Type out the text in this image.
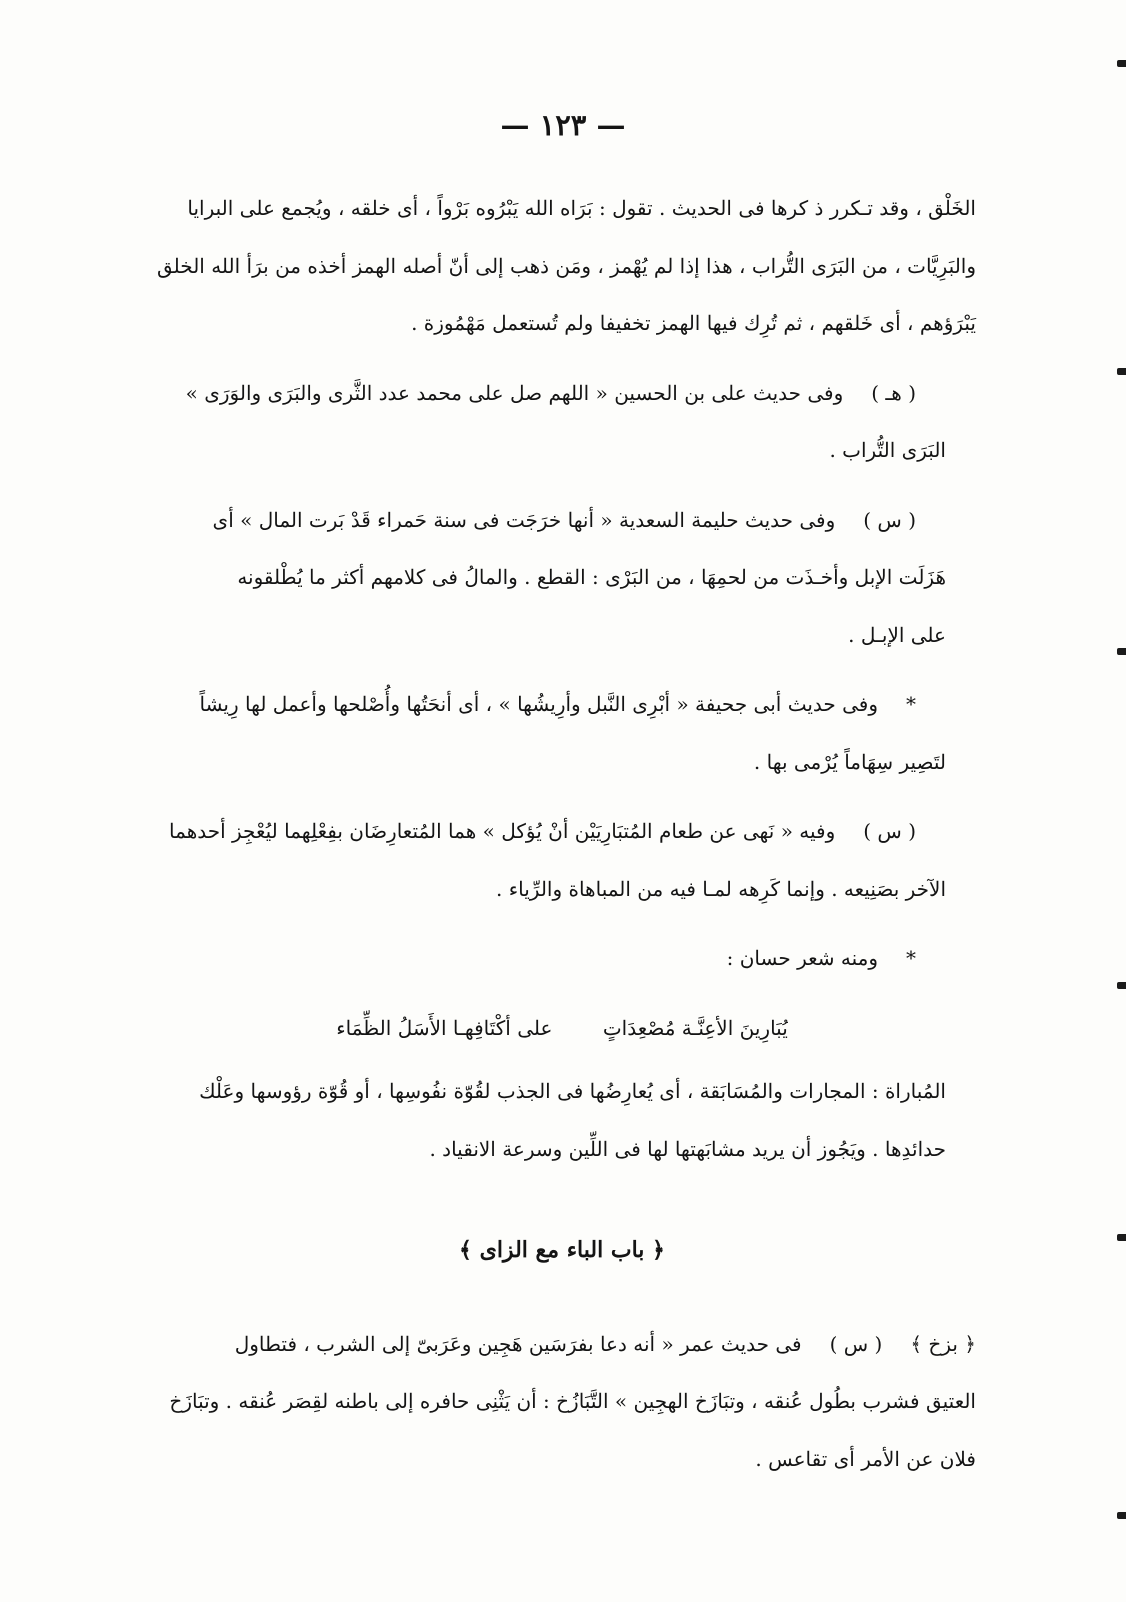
— ١٢٣ —

الخَلْق ، وقد تـكرر ذ كرها فى الحديث . تقول : بَرَاه الله يَبْرُوه بَرْواً ، أى خلقه ، ويُجمع على البرايا
والبَرِيَّات ، من البَرَى التُّراب ، هذا إذا لم يُهْمز ، ومَن ذهب إلى أنّ أصله الهمز أخذه من برَأ الله الخلق
يَبْرَؤهم ، أى خَلقهم ، ثم تُرِك فيها الهمز تخفيفا ولم تُستعمل مَهْمُوزة .

( هـ )وفى حديث على بن الحسين « اللهم صل على محمد عدد الثَّرى والبَرَى والوَرَى »
البَرَى التُّراب .

( س )وفى حديث حليمة السعدية « أنها خرَجَت فى سنة حَمراء قَدْ بَرت المال » أى
هَزَلَت الإبل وأخـذَت من لحمِهَا ، من البَرْى : القطع . والمالُ فى كلامهم أكثر ما يُطْلقونه
على الإبـل .

*وفى حديث أبى جحيفة « أبْرِى النَّبل وأرِيشُها » ، أى أنحَتُها وأُصْلحها وأعمل لها رِيشاً
لتَصِير سِهَاماً يُرْمى بها .

( س )وفيه « نَهى عن طعام المُتبَارِيَيْن أنْ يُؤكل » هما المُتعارِضَان بفِعْلِهما ليُعْجِز أحدهما
الآخر بصَنِيعه . وإنما كَرِهه لمـا فيه من المباهاة والرِّياء .

*ومنه شعر حسان :

يُبَارِينَ الأعِنَّـة مُصْعِدَاتٍ على أكْتَافِهـا الأَسَلُ الظِّمَاء

المُباراة : المجارات والمُسَابَقة ، أى يُعارِضُها فى الجذب لقُوّة نفُوسِها ، أو قُوّة رؤوسها وعَلْك
حدائدِها . ويَجُوز أن يريد مشابَهتها لها فى اللِّين وسرعة الانقياد .

﴿ باب الباء مع الزاى ﴾

﴿ بزخ ﴾( س )فى حديث عمر « أنه دعا بفرَسَين هَجِين وعَرَبىّ إلى الشرب ، فتطاول
العتيق فشرب بطُول عُنقه ، وتبَازَخ الهجِين » التَّبَازُخ : أن يَثْنِى حافره إلى باطنه لقِصَر عُنقه . وتبَازَخ
فلان عن الأمر أى تقاعس .
